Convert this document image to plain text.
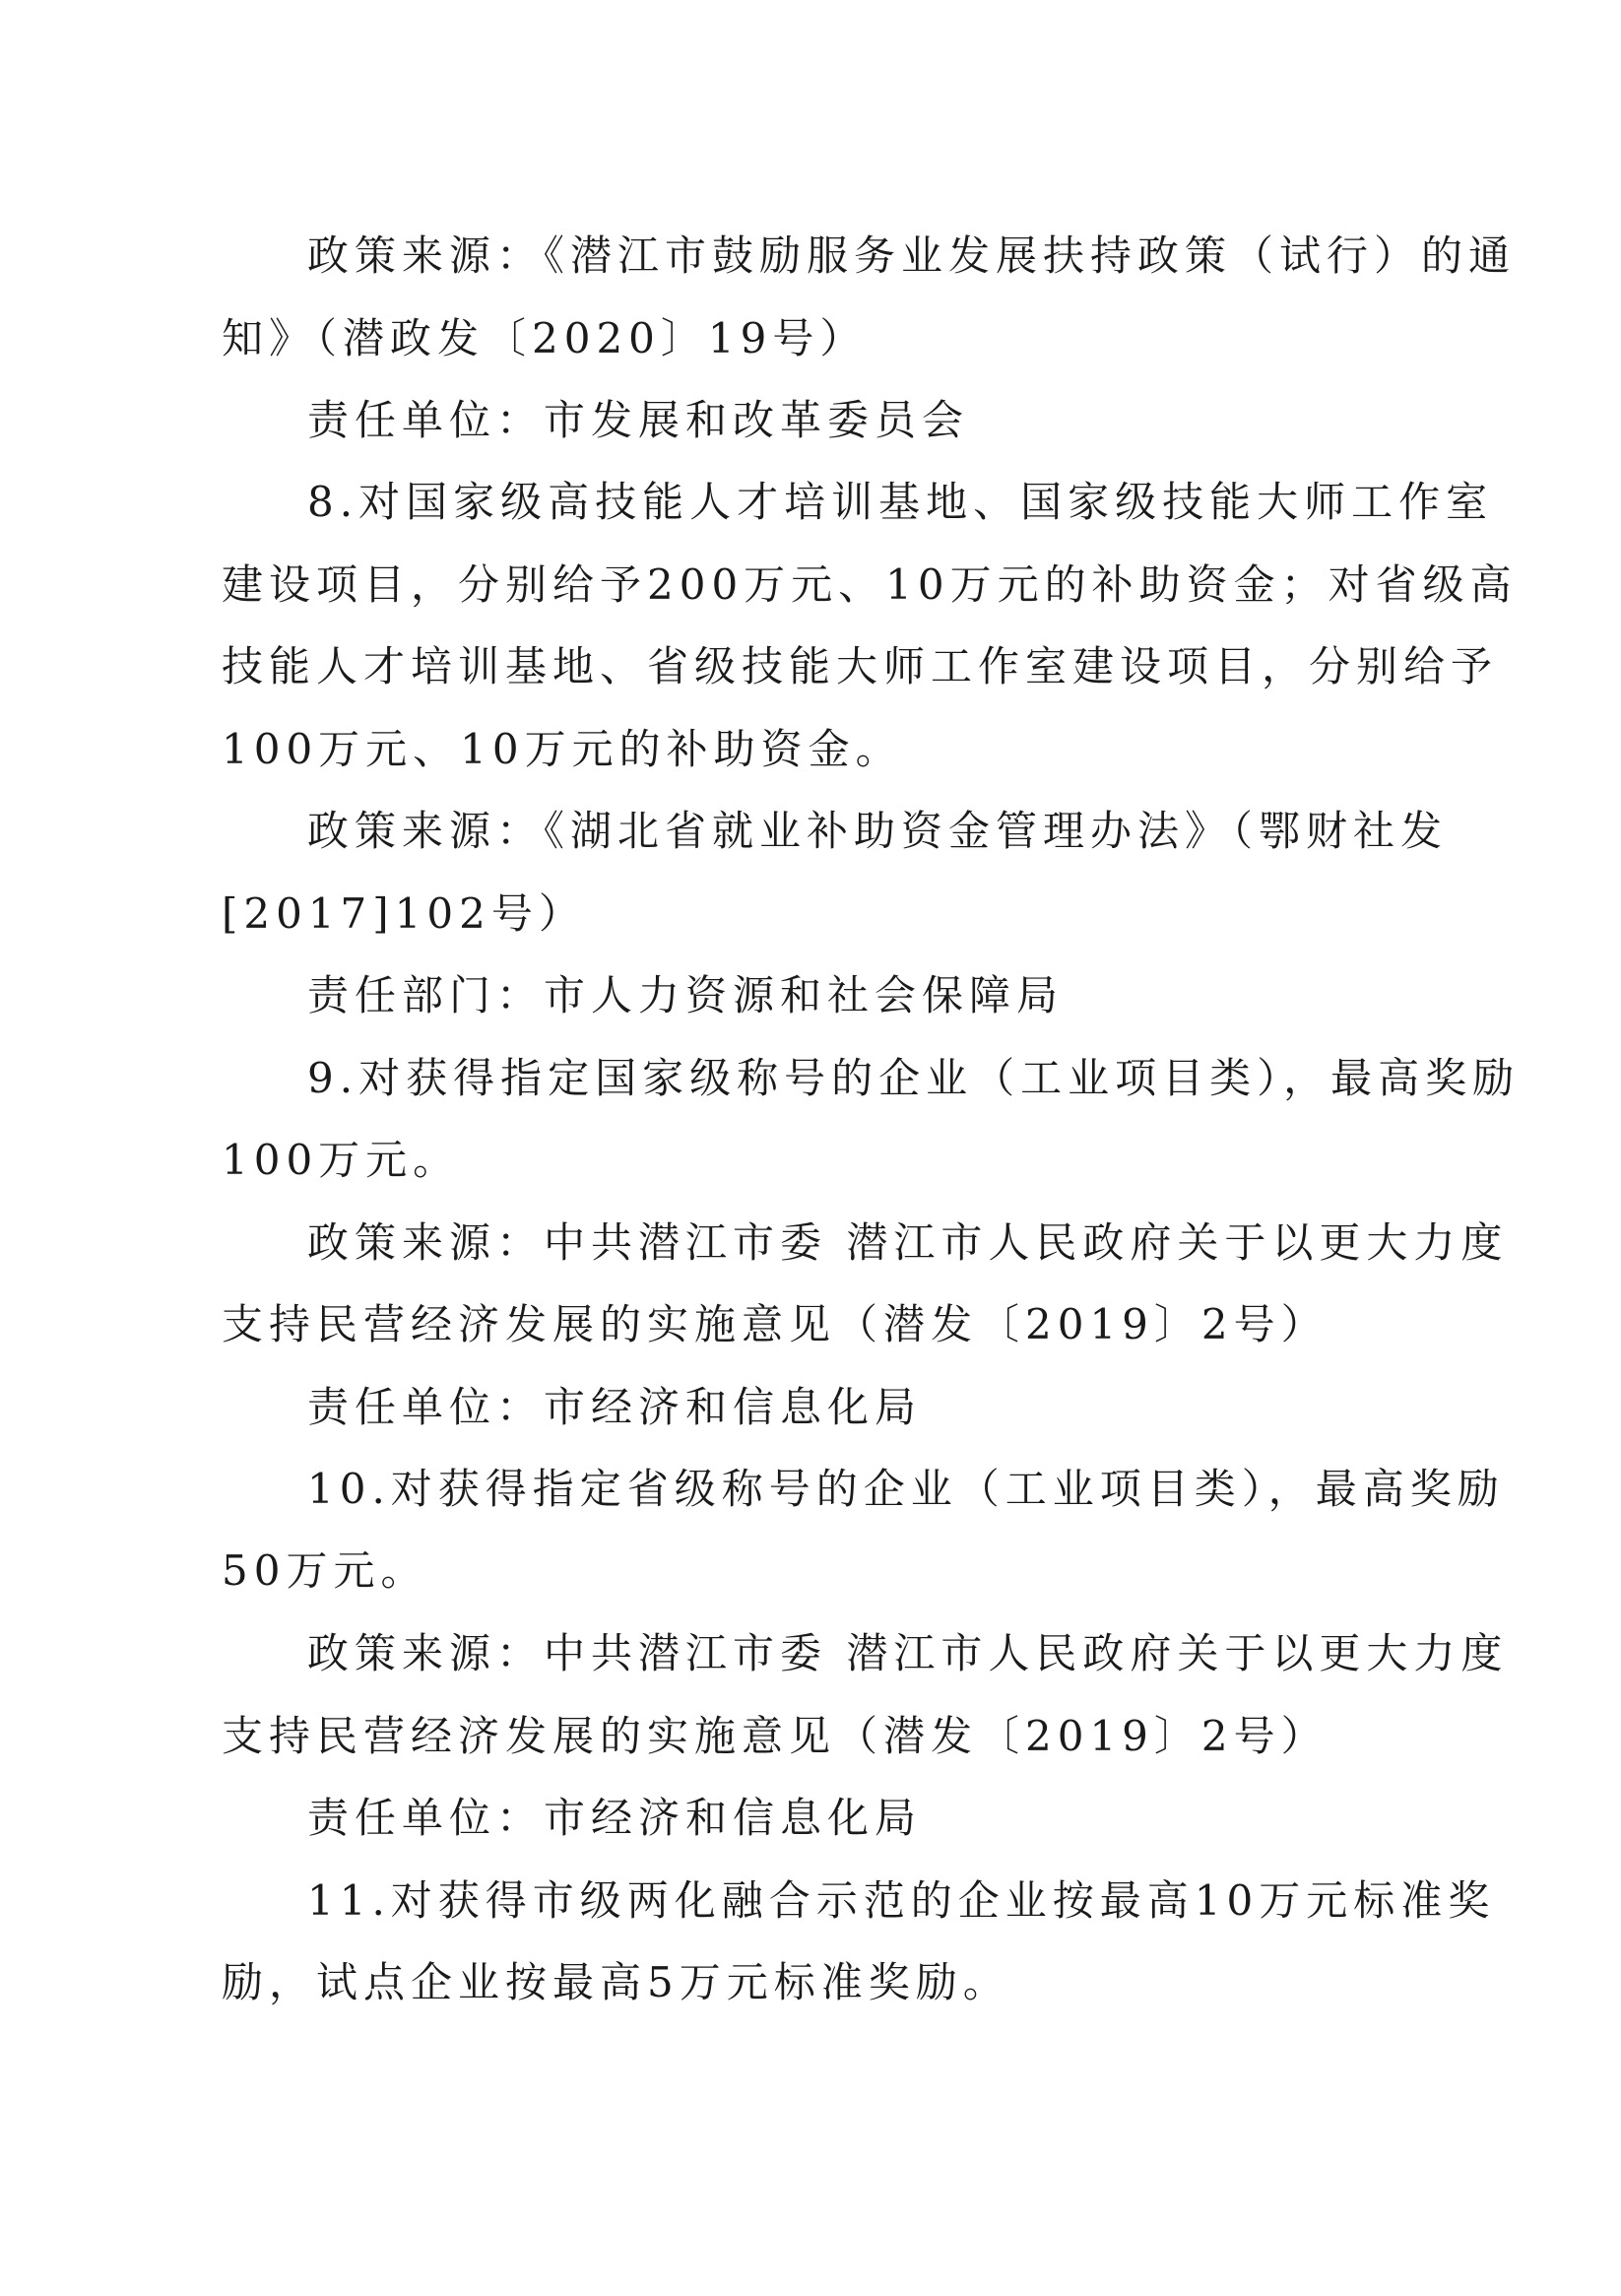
政策来源：《潜江市鼓励服务业发展扶持政策（试行）的通
知》（潜政发〔2020〕19号）
责任单位：市发展和改革委员会
8.对国家级高技能人才培训基地、国家级技能大师工作室
建设项目，分别给予200万元、10万元的补助资金；对省级高
技能人才培训基地、省级技能大师工作室建设项目，分别给予
100万元、10万元的补助资金。
政策来源：《湖北省就业补助资金管理办法》（鄂财社发
[2017]102号）
责任部门：市人力资源和社会保障局
9.对获得指定国家级称号的企业（工业项目类），最高奖励
100万元。
政策来源：中共潜江市委 潜江市人民政府关于以更大力度
支持民营经济发展的实施意见（潜发〔2019〕2号）
责任单位：市经济和信息化局
10.对获得指定省级称号的企业（工业项目类），最高奖励
50万元。
政策来源：中共潜江市委 潜江市人民政府关于以更大力度
支持民营经济发展的实施意见（潜发〔2019〕2号）
责任单位：市经济和信息化局
11.对获得市级两化融合示范的企业按最高10万元标准奖
励，试点企业按最高5万元标准奖励。
